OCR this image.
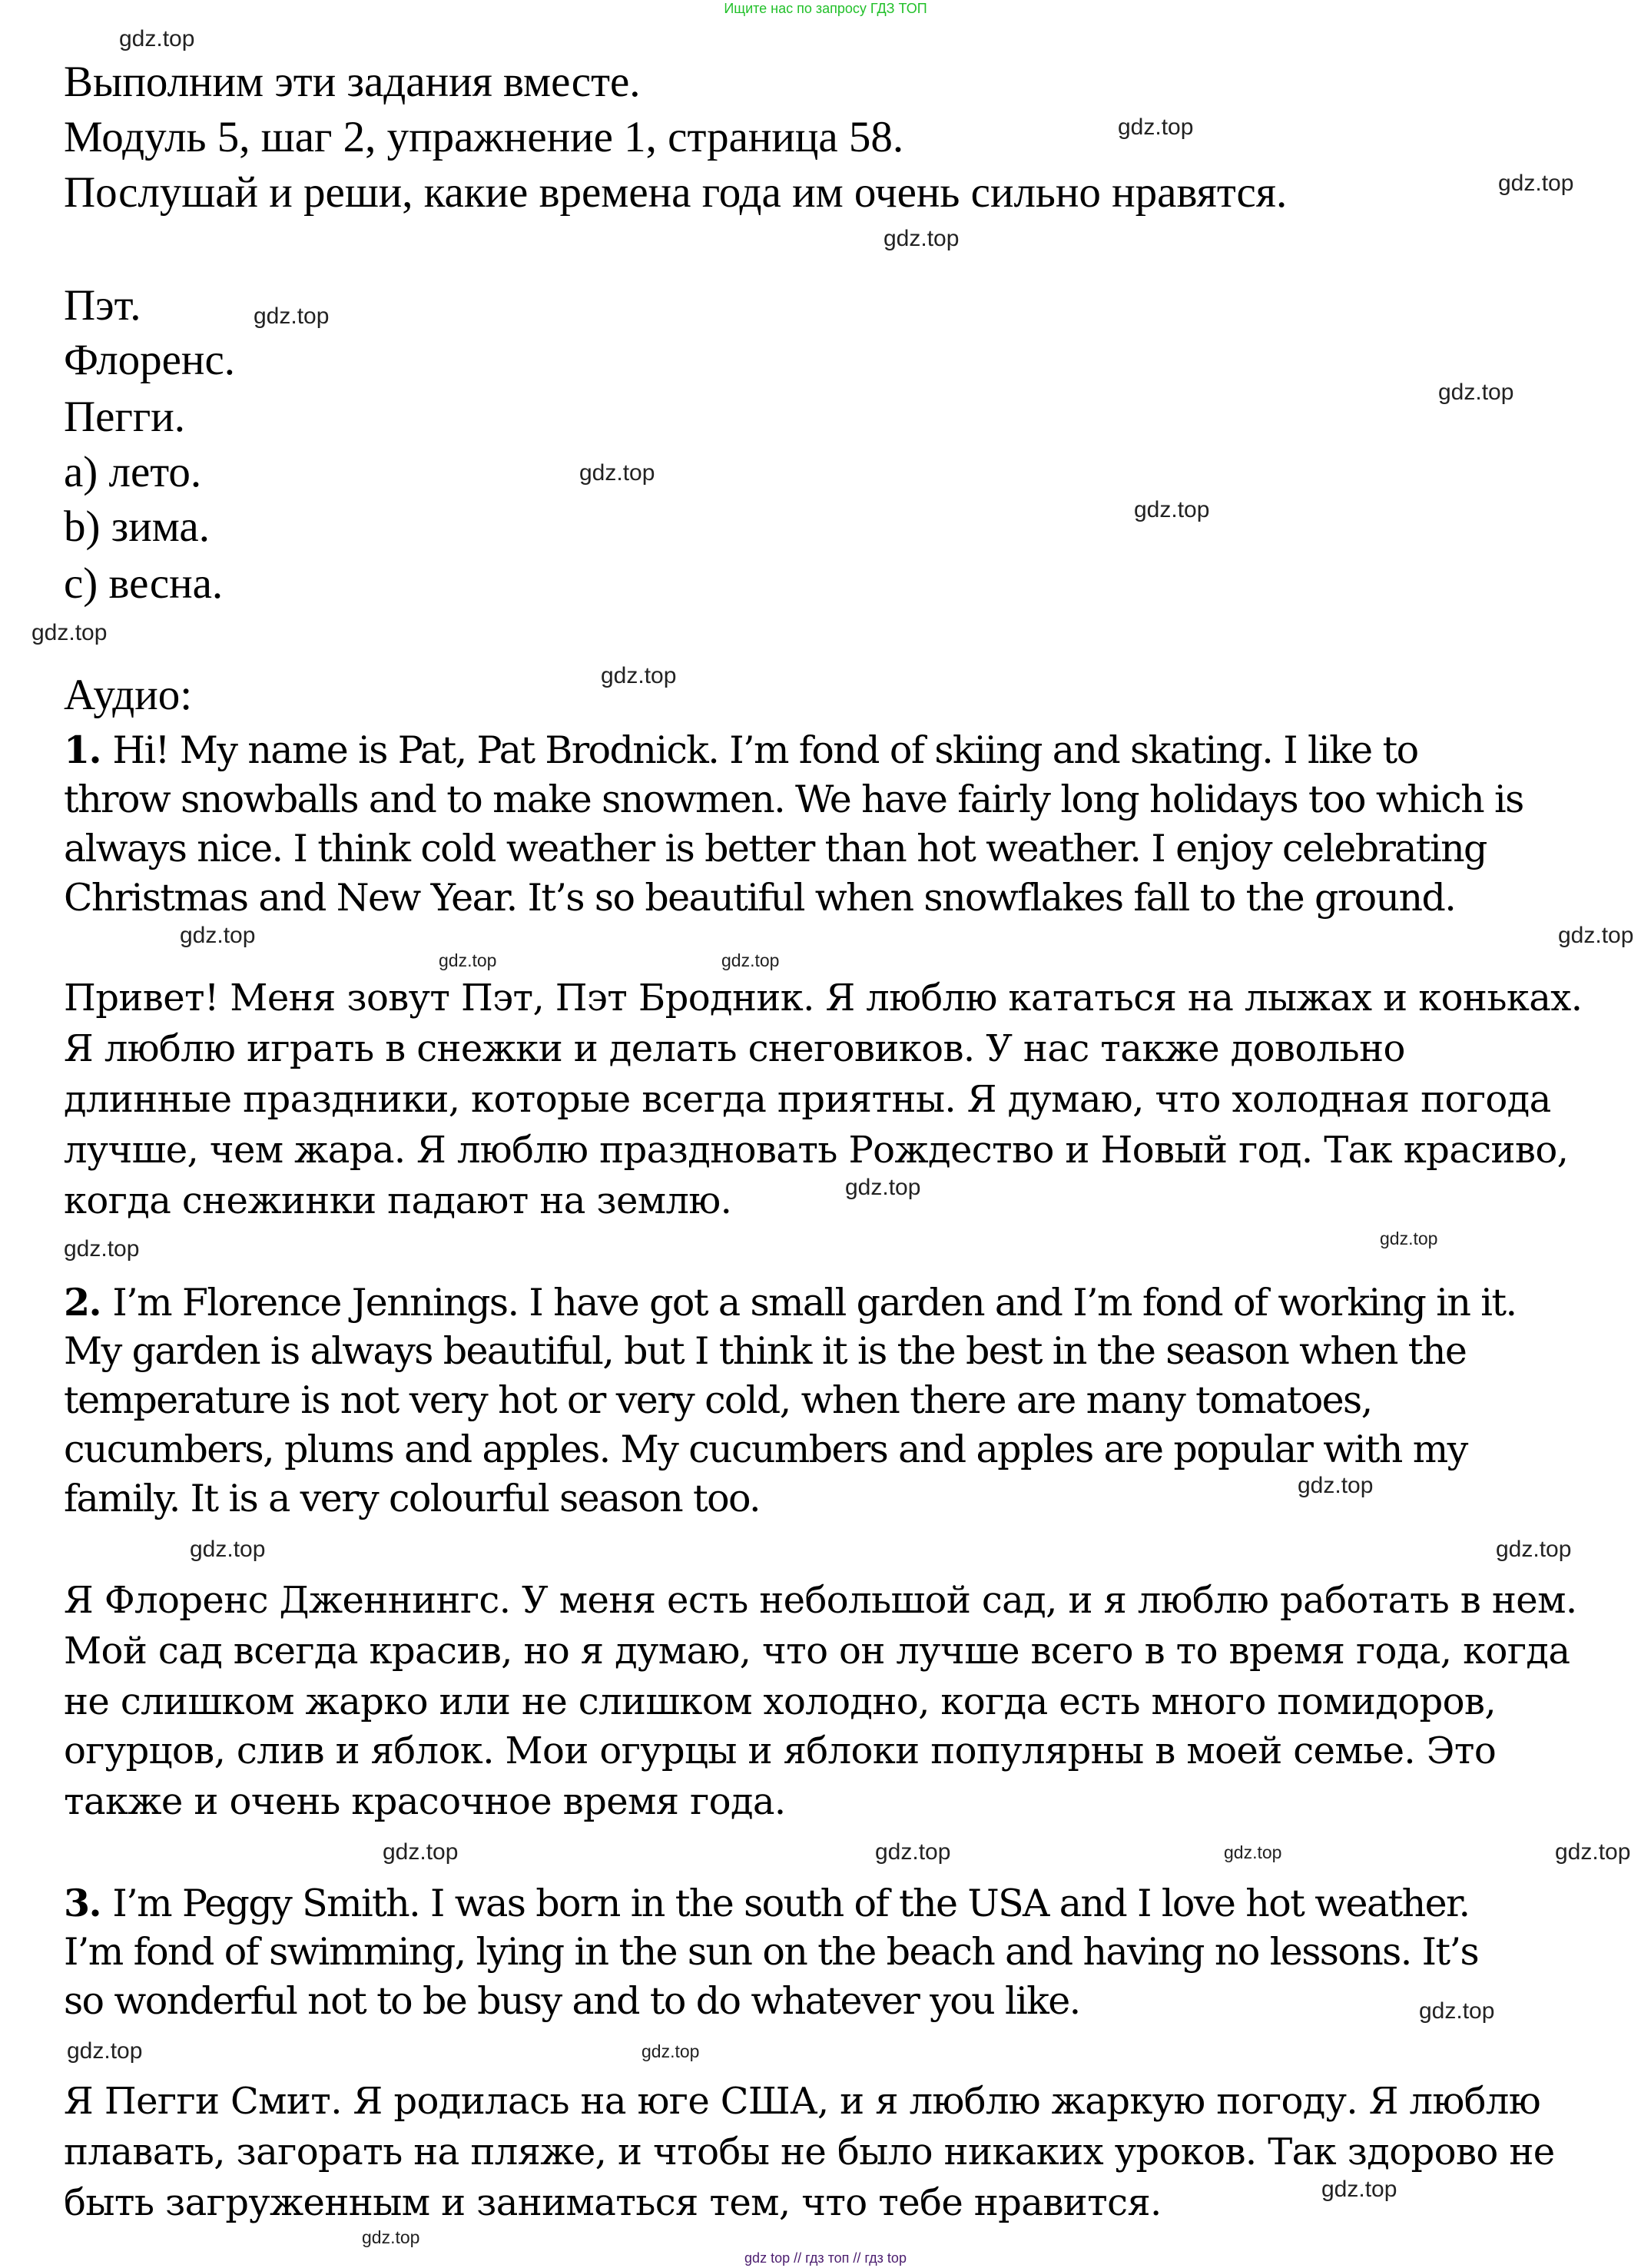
Ищите нас по запросу ГДЗ ТОП
Выполним эти задания вместе.
Модуль 5, шаг 2, упражнение 1, страница 58.
Послушай и реши, какие времена года им очень сильно нравятся.
Пэт.
Флоренс.
Пегги.
а) лето.
b) зима.
c) весна.
Аудио:
1. Hi! My name is Pat, Pat Brodnick. I’m fond of skiing and skating. I like to
throw snowballs and to make snowmen. We have fairly long holidays too which is
always nice. I think cold weather is better than hot weather. I enjoy celebrating
Christmas and New Year. It’s so beautiful when snowflakes fall to the ground.
Привет! Меня зовут Пэт, Пэт Бродник. Я люблю кататься на лыжах и коньках.
Я люблю играть в снежки и делать снеговиков. У нас также довольно
длинные праздники, которые всегда приятны. Я думаю, что холодная погода
лучше, чем жара. Я люблю праздновать Рождество и Новый год. Так красиво,
когда снежинки падают на землю.
2. I’m Florence Jennings. I have got a small garden and I’m fond of working in it.
My garden is always beautiful, but I think it is the best in the season when the
temperature is not very hot or very cold, when there are many tomatoes,
cucumbers, plums and apples. My cucumbers and apples are popular with my
family. It is a very colourful season too.
Я Флоренс Дженнингс. У меня есть небольшой сад, и я люблю работать в нем.
Мой сад всегда красив, но я думаю, что он лучше всего в то время года, когда
не слишком жарко или не слишком холодно, когда есть много помидоров,
огурцов, слив и яблок. Мои огурцы и яблоки популярны в моей семье. Это
также и очень красочное время года.
3. I’m Peggy Smith. I was born in the south of the USA and I love hot weather.
I’m fond of swimming, lying in the sun on the beach and having no lessons. It’s
so wonderful not to be busy and to do whatever you like.
Я Пегги Смит. Я родилась на юге США, и я люблю жаркую погоду. Я люблю
плавать, загорать на пляже, и чтобы не было никаких уроков. Так здорово не
быть загруженным и заниматься тем, что тебе нравится.
gdz.top
gdz.top
gdz.top
gdz.top
gdz.top
gdz.top
gdz.top
gdz.top
gdz.top
gdz.top
gdz.top
gdz.top
gdz.top
gdz.top
gdz.top
gdz.top
gdz.top
gdz.top
gdz.top
gdz.top
gdz.top
gdz.top
gdz.top
gdz.top
gdz.top
gdz.top	gdz.top
gdz.top
gdz.top
gdz top // гдз топ // гдз top
